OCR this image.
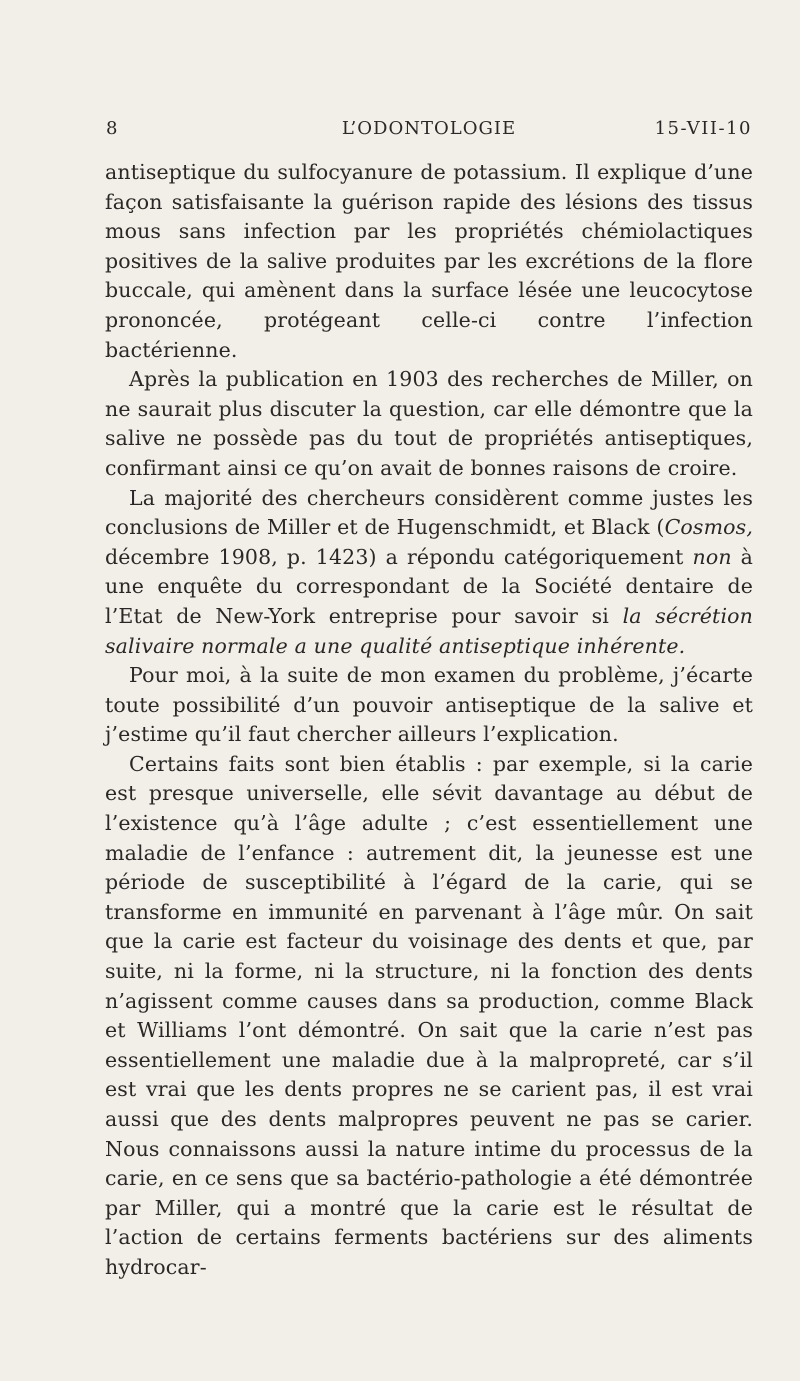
8	L’ODONTOLOGIE	15-VII-10

antiseptique du sulfocyanure de potassium. Il explique d’une façon satisfaisante la guérison rapide des lésions des tissus mous sans infection par les propriétés chémiolactiques positives de la salive produites par les excrétions de la flore buccale, qui amènent dans la surface lésée une leucocytose prononcée, protégeant celle-ci contre l’infection bactérienne.

Après la publication en 1903 des recherches de Miller, on ne saurait plus discuter la question, car elle démontre que la salive ne possède pas du tout de propriétés antiseptiques, confirmant ainsi ce qu’on avait de bonnes raisons de croire.

La majorité des chercheurs considèrent comme justes les conclusions de Miller et de Hugenschmidt, et Black (Cosmos, décembre 1908, p. 1423) a répondu catégoriquement non à une enquête du correspondant de la Société dentaire de l’Etat de New-York entreprise pour savoir si la sécrétion salivaire normale a une qualité antiseptique inhérente.

Pour moi, à la suite de mon examen du problème, j’écarte toute possibilité d’un pouvoir antiseptique de la salive et j’estime qu’il faut chercher ailleurs l’explication.

Certains faits sont bien établis : par exemple, si la carie est presque universelle, elle sévit davantage au début de l’existence qu’à l’âge adulte ; c’est essentiellement une maladie de l’enfance : autrement dit, la jeunesse est une période de susceptibilité à l’égard de la carie, qui se transforme en immunité en parvenant à l’âge mûr. On sait que la carie est facteur du voisinage des dents et que, par suite, ni la forme, ni la structure, ni la fonction des dents n’agissent comme causes dans sa production, comme Black et Williams l’ont démontré. On sait que la carie n’est pas essentiellement une maladie due à la malpropreté, car s’il est vrai que les dents propres ne se carient pas, il est vrai aussi que des dents malpropres peuvent ne pas se carier. Nous connaissons aussi la nature intime du processus de la carie, en ce sens que sa bactério-pathologie a été démontrée par Miller, qui a montré que la carie est le résultat de l’action de certains ferments bactériens sur des aliments hydrocar-
